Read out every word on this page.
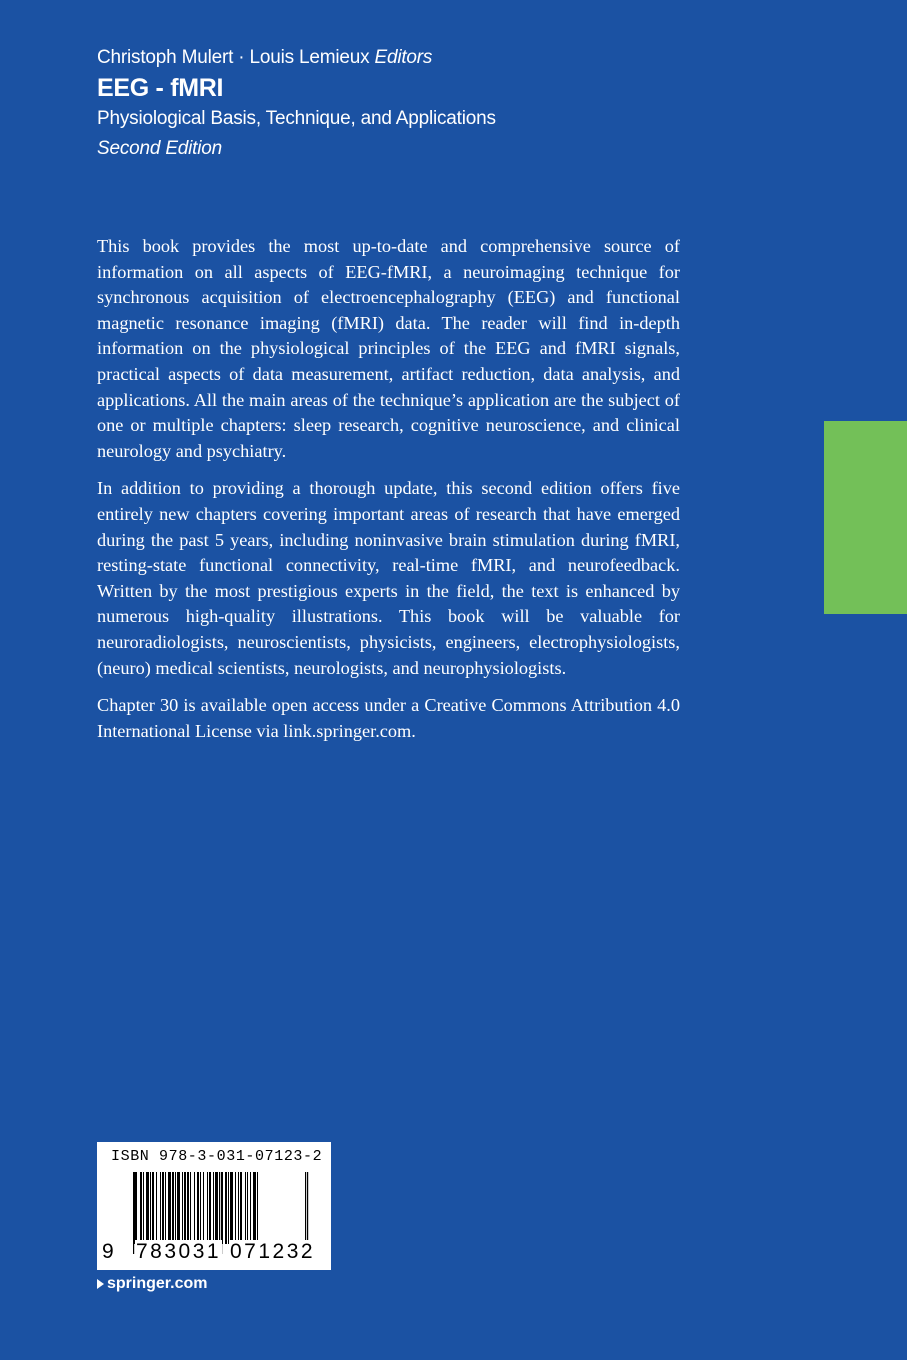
Christoph Mulert · Louis Lemieux Editors
EEG - fMRI
Physiological Basis, Technique, and Applications
Second Edition

This book provides the most up-to-date and comprehensive source of information on all aspects of EEG-fMRI, a neuroimaging technique for synchronous acquisition of electroencephalography (EEG) and functional magnetic resonance imaging (fMRI) data. The reader will find in-depth information on the physiological principles of the EEG and fMRI signals, practical aspects of data measurement, artifact reduction, data analysis, and applications. All the main areas of the technique’s application are the subject of one or multiple chapters: sleep research, cognitive neuroscience, and clinical neurology and psychiatry.

In addition to providing a thorough update, this second edition offers five entirely new chapters covering important areas of research that have emerged during the past 5 years, including noninvasive brain stimulation during fMRI, resting-state functional connectivity, real-time fMRI, and neurofeedback. Written by the most prestigious experts in the field, the text is enhanced by numerous high-quality illustrations. This book will be valuable for neuroradiologists, neuroscientists, physicists, engineers, electrophysiologists, (neuro) medical scientists, neurologists, and neurophysiologists.

Chapter 30 is available open access under a Creative Commons Attribution 4.0 International License via link.springer.com.

ISBN 978-3-031-07123-2
9 783031 071232
springer.com
